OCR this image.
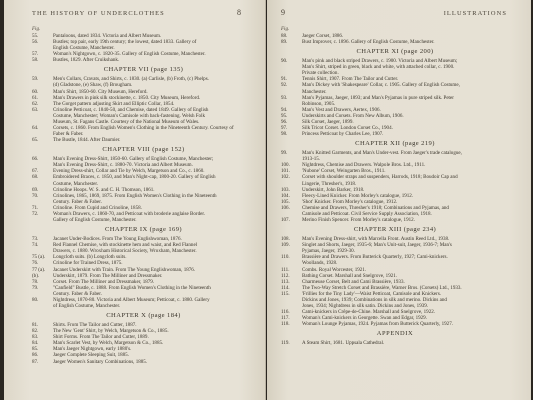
THE HISTORY OF UNDERCLOTHES	8
Fig.
55.	Pantaloons, dated 1834. Victoria and Albert Museum.
56.	Bustles; top pair, early 19th century; the lowest, dated 1833. Gallery of
English Costume, Manchester.
57.	Woman's Nightgown, c. 1820-35. Gallery of English Costume, Manchester.
58.	Bustles, 1829. After Cruikshank.
CHAPTER VII (page 135)
59.	Men's Collars, Cravats, and Shirts, c. 1830. (a) Carlisle, (b) Froth, (c) Phelps.
(d) Gladstone, (e) Shaw, (f) Brougham.
60.	Man's Shirt, 1850-60. City Museum, Hereford.
61.	Man's Drawers in pink silk stockinette, c. 1850. City Museum, Hereford.
62.	The Gorget pattern adjusting Skirt and Elliptic Collar, 1854.
63.	Crinoline Petticoat, c. 1840-50, and Chemise, dated 1849. Gallery of English
Costume, Manchester; Woman's Camisole with back-fastening. Welsh Folk
Museum, St. Fagans Castle. Courtesy of the National Museum of Wales.
64.	Corsets, c. 1860. From English Women's Clothing in the Nineteenth Century. Courtesy of
Faber & Faber.
65.	The Bustle, 1844. After Daumier.
CHAPTER VIII (page 152)
66.	Man's Evening Dress-Shirt, 1850-60. Gallery of English Costume, Manchester;
Man's Evening Dress-Shirt, c. 1880-70. Victoria and Albert Museum.
67.	Evening Dress-shirt, Collar and Tie by Welch, Margetson and Co., c. 1860.
68.	Embroidered Braces, c. 1850, and Man's Night-cap, 1800-20. Gallery of English
Costume, Manchester.
69.	Crinoline Hoops. W. S. and C. H. Thomson, 1861.
70.	Crinolines, 1865, 1869, 1875. From English Women's Clothing in the Nineteenth
Century. Faber & Faber.
71.	Crinoline. From Cupid and Crinoline, 1858.
72.	Woman's Drawers, c. 1860-70, and Petticoat with broderie anglaise Border.
Gallery of English Costume, Manchester.
CHAPTER IX (page 169)
73.	Jacanet Under-Bodices. From The Young Englishwoman, 1876.
74.	Red Flannel Chemise, with stockinette hem and waist, and Red Flannel
Drawers, c. 1880. Wroxham Historical Society, Wroxham, Manchester.
75 (a).	Longcloth suits. (b) Longcloth suits.
76.	Crinoline for Trained Dress, 1875.
77 (a).	Jacanet Underskirt with Train. From The Young Englishwoman, 1876.
(b).	Underskirt, 1879. From The Milliner and Dressmaker.
78.	Corset. From The Milliner and Dressmaker, 1879.
79.	"Canfield" Bustle, c. 1888. From English Women's Clothing in the Nineteenth
Century. Faber & Faber.
80.	Nightdress, 1870-80. Victoria and Albert Museum; Petticoat, c. 1880. Gallery
of English Costume, Manchester.
CHAPTER X (page 184)
81.	Shirts. From The Tailor and Cutter, 1887.
82.	The New 'Gent' Shirt, by Welch, Margetson & Co., 1885.
83.	Shirt Forms. From The Tailor and Cutter, 1889.
84.	Man's Scarlet Vest, by Welch, Margetson & Co., 1885.
85.	Man's Jaeger Nightgown, early 1880's.
86.	Jaeger Complete Sleeping Suit, 1885.
87.	Jaeger Women's Sanitary Combinations, 1885.
9	ILLUSTRATIONS
Fig.
88.	Jaeger Corset, 1886.
89.	Bust Improver, c. 1896. Gallery of English Costume, Manchester.
CHAPTER XI (page 200)
90.	Man's pink and black striped Drawers, c. 1900. Victoria and Albert Museum;
Man's Shirt, striped in green, black and white, with attached collar, c. 1900.
Private collection.
91.	Tennis Shirt, 1907. From The Tailor and Cutter.
92.	Man's Dickey with 'Shakespeare' Collar, c. 1905. Gallery of English Costume,
Manchester.
93.	Man's Pyjamas, Jaeger, 1893; and Man's Pyjamas in pure striped silk. Peter
Robinson, 1905.
94.	Man's Vest and Drawers, Aertex, 1906.
95.	Underskirts and Corsets. From New Album, 1906.
96.	Silk Corset, Jaeger, 1899.
97.	Silk Tricot Corset. London Corset Co., 1904.
98.	Princess Petticoat by Charles Lee, 1907.
CHAPTER XII (page 219)
99.	Man's Knitted Garments, and Man's Under-vest. From Jaeger's trade catalogue,
1913-15.
100.	Nightdress, Chemise and Drawers. Walpole Bros. Ltd., 1911.
101.	'Nubone' Corset, Weingarten Bros., 1911.
102.	Corset with shoulder straps and suspenders, Harrods, 1918; Boudoir Cap and
Lingerie, Thresher's, 1918.
103.	Underskirt, John Barker, 1918.
104.	Fleecy-Lined Knicker. From Morley's catalogue, 1912.
105.	'Shot' Knicker. From Morley's catalogue, 1912.
106.	Chemise and Drawers, Thresher's 1918; Combinations and Pyjamas, and
Camisole and Petticoat. Civil Service Supply Association, 1918.
107.	Merino Finish Spencer. From Morley's catalogue, 1912.
CHAPTER XIII (page 234)
108.	Man's Evening Dress-shirt, with Marcella Front. Austin Reed Ltd., 1938.
109.	Singlet and Shorts, Jaeger, 1935-6; Man's Unit-suit, Jaeger, 1936-7; Man's
Pyjamas, Jaeger, 1929-30.
110.	Brassière and Drawers. From Butterick Quarterly, 1927; Cami-knickers.
Woollands, 1928.
111.	Combs. Royal Worcester, 1921.
112.	Bathing Corset. Marshall and Snelgrove, 1921.
113.	Charmeuse Corset, Belt and Cami Brassière, 1933.
114.	The Two-Way Stretch Corset and Brassière, Warner Bros. (Corsets) Ltd., 1933.
115.	'Frillies for the Tiny Lady'—Waist Petticoat, Camisole and Knickers.
Dickins and Jones, 1939; Combinations in silk and merino. Dickins and
Jones, 1934; Nightdress in silk satin. Dickins and Jones, 1939.
116.	Cami-knickers in Crêpe-de-Chine. Marshall and Snelgrove, 1922.
117.	Woman's Cami-knickers in Georgette. Swan and Edgar, 1929.
118.	Woman's Lounge Pyjamas, 1924. Pyjamas from Butterick Quarterly, 1927.
APPENDIX
119.	A Steam Shirt, 1681. Uppsala Cathedral.
